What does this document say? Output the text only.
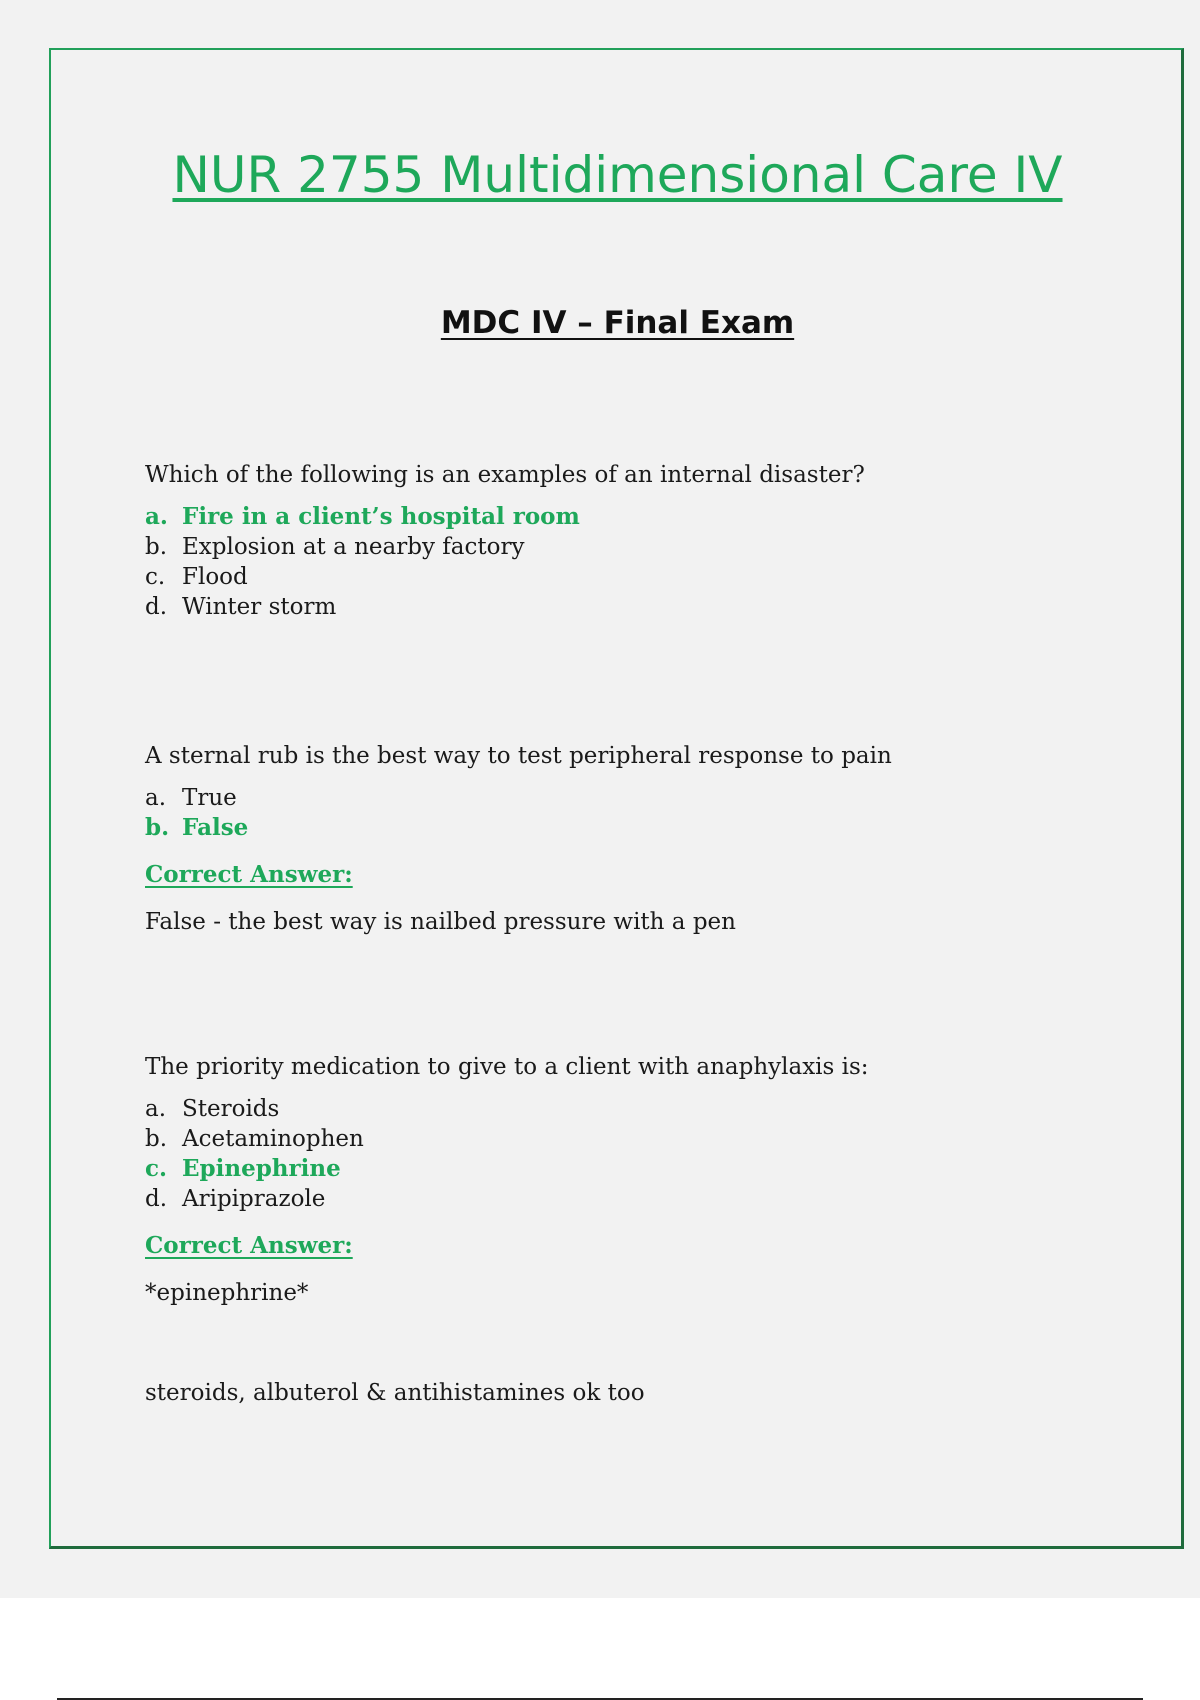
NUR 2755 Multidimensional Care IV
MDC IV – Final Exam

Which of the following is an examples of an internal disaster?

a. Fire in a client’s hospital room
b. Explosion at a nearby factory
c. Flood
d. Winter storm

A sternal rub is the best way to test peripheral response to pain

a. True
b. False
Correct Answer:
False - the best way is nailbed pressure with a pen

The priority medication to give to a client with anaphylaxis is:

a. Steroids
b. Acetaminophen
c. Epinephrine
d. Aripiprazole
Correct Answer:
*epinephrine*
steroids, albuterol & antihistamines ok too
